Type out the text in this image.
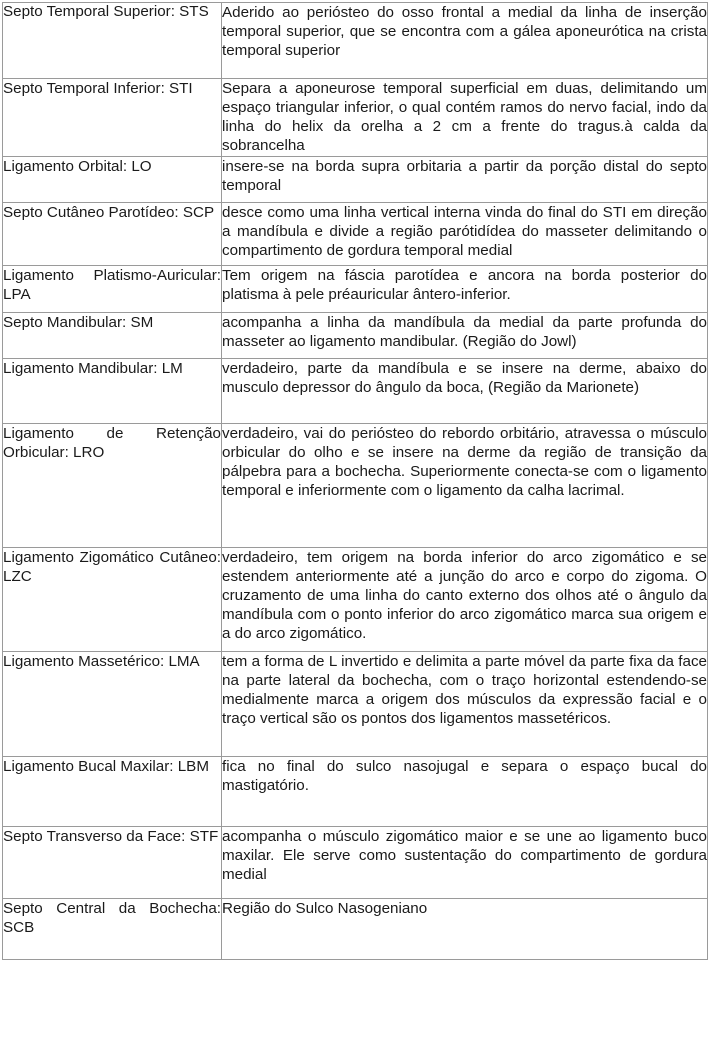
Septo Temporal Superior: STS	Aderido ao periósteo do osso frontal a medial da linha de inserção temporal superior, que se encontra com a gálea aponeurótica na crista temporal superior

Septo Temporal Inferior: STI	Separa a aponeurose temporal superficial em duas, delimitando um espaço triangular inferior, o qual contém ramos do nervo facial, indo da linha do helix da orelha a 2 cm a frente do tragus.à calda da sobrancelha

Ligamento Orbital: LO	insere-se na borda supra orbitaria a partir da porção distal do septo temporal

Septo Cutâneo Parotídeo: SCP	desce como uma linha vertical interna vinda do final do STI em direção a mandíbula e divide a região parótidídea do masseter delimitando o compartimento de gordura temporal medial

Ligamento Platismo-Auricular: LPA	Tem origem na fáscia parotídea e ancora na borda posterior do platisma à pele préauricular ântero-inferior.

Septo Mandibular: SM	acompanha a linha da mandíbula da medial da parte profunda do masseter ao ligamento mandibular. (Região do Jowl)

Ligamento Mandibular: LM	verdadeiro, parte da mandíbula e se insere na derme, abaixo do musculo depressor do ângulo da boca, (Região da Marionete)

Ligamento de Retenção Orbicular: LRO	verdadeiro, vai do periósteo do rebordo orbitário, atravessa o músculo orbicular do olho e se insere na derme da região de transição da pálpebra para a bochecha. Superiormente conecta-se com o ligamento temporal e inferiormente com o ligamento da calha lacrimal.

Ligamento Zigomático Cutâneo: LZC	verdadeiro, tem origem na borda inferior do arco zigomático e se estendem anteriormente até a junção do arco e corpo do zigoma. O cruzamento de uma linha do canto externo dos olhos até o ângulo da mandíbula com o ponto inferior do arco zigomático marca sua origem e a do arco zigomático.

Ligamento Massetérico: LMA	tem a forma de L invertido e delimita a parte móvel da parte fixa da face na parte lateral da bochecha, com o traço horizontal estendendo-se medialmente marca a origem dos músculos da expressão facial e o traço vertical são os pontos dos ligamentos massetéricos.

Ligamento Bucal Maxilar: LBM	fica no final do sulco nasojugal e separa o espaço bucal do mastigatório.

Septo Transverso da Face: STF	acompanha o músculo zigomático maior e se une ao ligamento buco maxilar. Ele serve como sustentação do compartimento de gordura medial

Septo Central da Bochecha: SCB	Região do Sulco Nasogeniano
